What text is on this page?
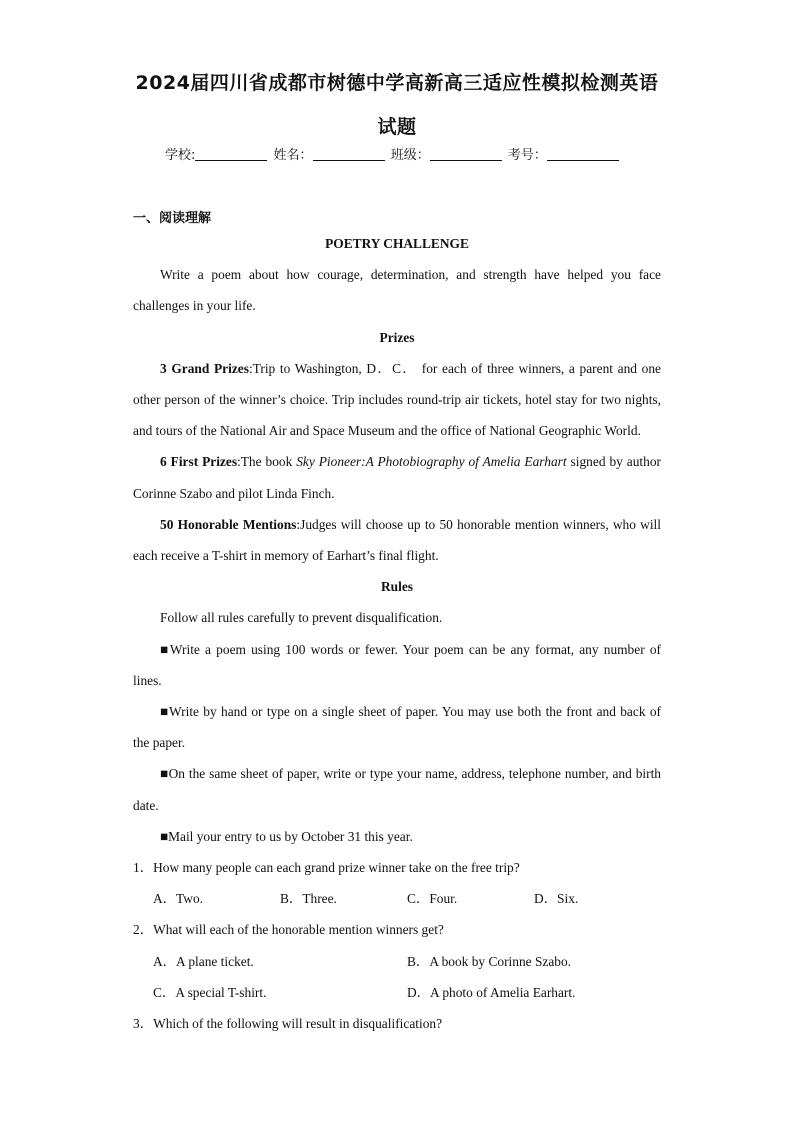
2024届四川省成都市树德中学高新高三适应性模拟检测英语
试题
学校:	姓名：	班级：	考号：
一、阅读理解

POETRY CHALLENGE

Write a poem about how courage, determination, and strength have helped you face challenges in your life.

Prizes

3 Grand Prizes:Trip to Washington, D．C． for each of three winners, a parent and one other person of the winner’s choice. Trip includes round-trip air tickets, hotel stay for two nights, and tours of the National Air and Space Museum and the office of National Geographic World.

6 First Prizes:The book Sky Pioneer:A Photobiography of Amelia Earhart signed by author Corinne Szabo and pilot Linda Finch.

50 Honorable Mentions:Judges will choose up to 50 honorable mention winners, who will each receive a T-shirt in memory of Earhart’s final flight.

Rules

Follow all rules carefully to prevent disqualification.

■Write a poem using 100 words or fewer. Your poem can be any format, any number of lines.

■Write by hand or type on a single sheet of paper. You may use both the front and back of the paper.

■On the same sheet of paper, write or type your name, address, telephone number, and birth date.

■Mail your entry to us by October 31 this year.

1．How many people can each grand prize winner take on the free trip?

A．Two.	B．Three.	C．Four.	D．Six.

2．What will each of the honorable mention winners get?

A．A plane ticket.	B．A book by Corinne Szabo.
C．A special T-shirt.	D．A photo of Amelia Earhart.

3．Which of the following will result in disqualification?
